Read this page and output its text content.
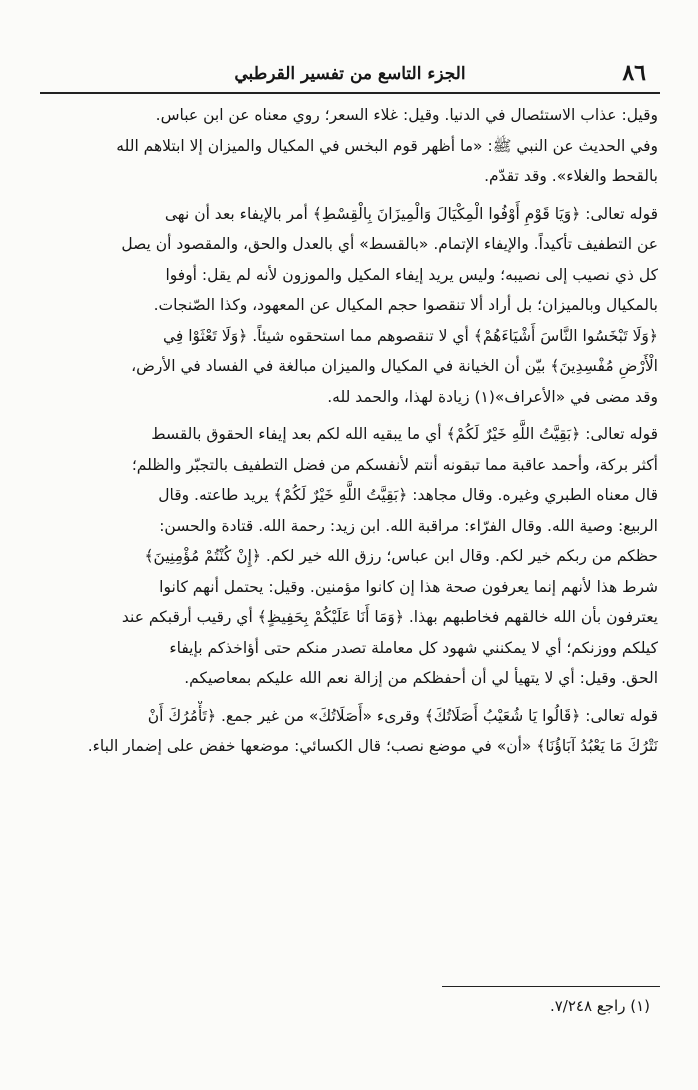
٨٦
الجزء التاسع من تفسير القرطبي

وقيل: عذاب الاستئصال في الدنيا. وقيل: غلاء السعر؛ روي معناه عن ابن عباس.
وفي الحديث عن النبي ﷺ: «ما أظهر قوم البخس في المكيال والميزان إلا ابتلاهم الله
بالقحط والغلاء». وقد تقدّم.

قوله تعالى: ﴿وَيَا قَوْمِ أَوْفُوا الْمِكْيَالَ وَالْمِيزَانَ بِالْقِسْطِ﴾ أمر بالإيفاء بعد أن نهى
عن التطفيف تأكيداً. والإيفاء الإتمام. «بالقسط» أي بالعدل والحق، والمقصود أن يصل
كل ذي نصيب إلى نصيبه؛ وليس يريد إيفاء المكيل والموزون لأنه لم يقل: أوفوا
بالمكيال وبالميزان؛ بل أراد ألا تنقصوا حجم المكيال عن المعهود، وكذا الصّنجات.
﴿وَلَا تَبْخَسُوا النَّاسَ أَشْيَاءَهُمْ﴾ أي لا تنقصوهم مما استحقوه شيئاً. ﴿وَلَا تَعْثَوْا فِي
الْأَرْضِ مُفْسِدِينَ﴾ بيّن أن الخيانة في المكيال والميزان مبالغة في الفساد في الأرض،
وقد مضى في «الأعراف»(١) زيادة لهذا، والحمد لله.

قوله تعالى: ﴿بَقِيَّتُ اللَّهِ خَيْرٌ لَكُمْ﴾ أي ما يبقيه الله لكم بعد إيفاء الحقوق بالقسط
أكثر بركة، وأحمد عاقبة مما تبقونه أنتم لأنفسكم من فضل التطفيف بالتجبّر والظلم؛
قال معناه الطبري وغيره. وقال مجاهد: ﴿بَقِيَّتُ اللَّهِ خَيْرٌ لَكُمْ﴾ يريد طاعته. وقال
الربيع: وصية الله. وقال الفرّاء: مراقبة الله. ابن زيد: رحمة الله. قتادة والحسن:
حظكم من ربكم خير لكم. وقال ابن عباس؛ رزق الله خير لكم. ﴿إِنْ كُنْتُمْ مُؤْمِنِينَ﴾
شرط هذا لأنهم إنما يعرفون صحة هذا إن كانوا مؤمنين. وقيل: يحتمل أنهم كانوا
يعترفون بأن الله خالقهم فخاطبهم بهذا. ﴿وَمَا أَنَا عَلَيْكُمْ بِحَفِيظٍ﴾ أي رقيب أرقبكم عند
كيلكم ووزنكم؛ أي لا يمكنني شهود كل معاملة تصدر منكم حتى أؤاخذكم بإيفاء
الحق. وقيل: أي لا يتهيأ لي أن أحفظكم من إزالة نعم الله عليكم بمعاصيكم.

قوله تعالى: ﴿قَالُوا يَا شُعَيْبُ أَصَلَاتُكَ﴾ وقرىء «أَصَلَاتُكَ» من غير جمع. ﴿تَأْمُرُكَ أَنْ
نَتْرُكَ مَا يَعْبُدُ آبَاؤُنَا﴾ «أن» في موضع نصب؛ قال الكسائي: موضعها خفض على إضمار الباء.

(١) راجع ٧/٢٤٨.
